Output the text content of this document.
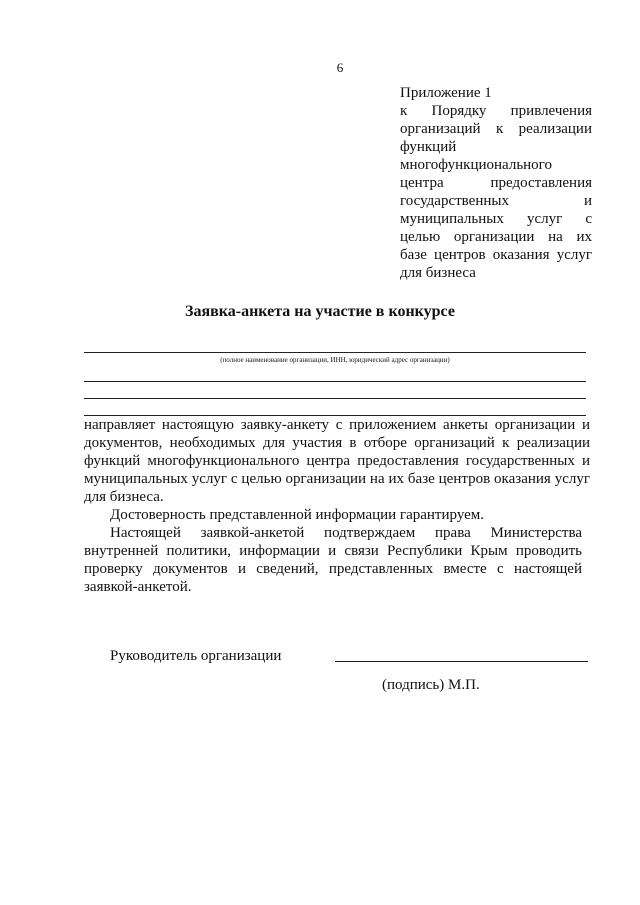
6

Приложение 1

к Порядку привлечения организаций к реализации функций многофункционального центра предоставления государственных и муниципальных услуг с целью организации на их базе центров оказания услуг для бизнеса

Заявка-анкета на участие в конкурсе
(полное наименование организации, ИНН, юридический адрес организации)

направляет настоящую заявку-анкету с приложением анкеты организации и документов, необходимых для участия в отборе организаций к реализации функций многофункционального центра предоставления государственных и муниципальных услуг с целью организации на их базе центров оказания услуг для бизнеса.

Достоверность представленной информации гарантируем.

Настоящей заявкой-анкетой подтверждаем права Министерства внутренней политики, информации и связи Республики Крым проводить проверку документов и сведений, представленных вместе с настоящей заявкой-анкетой.

Руководитель организации
(подпись) М.П.
